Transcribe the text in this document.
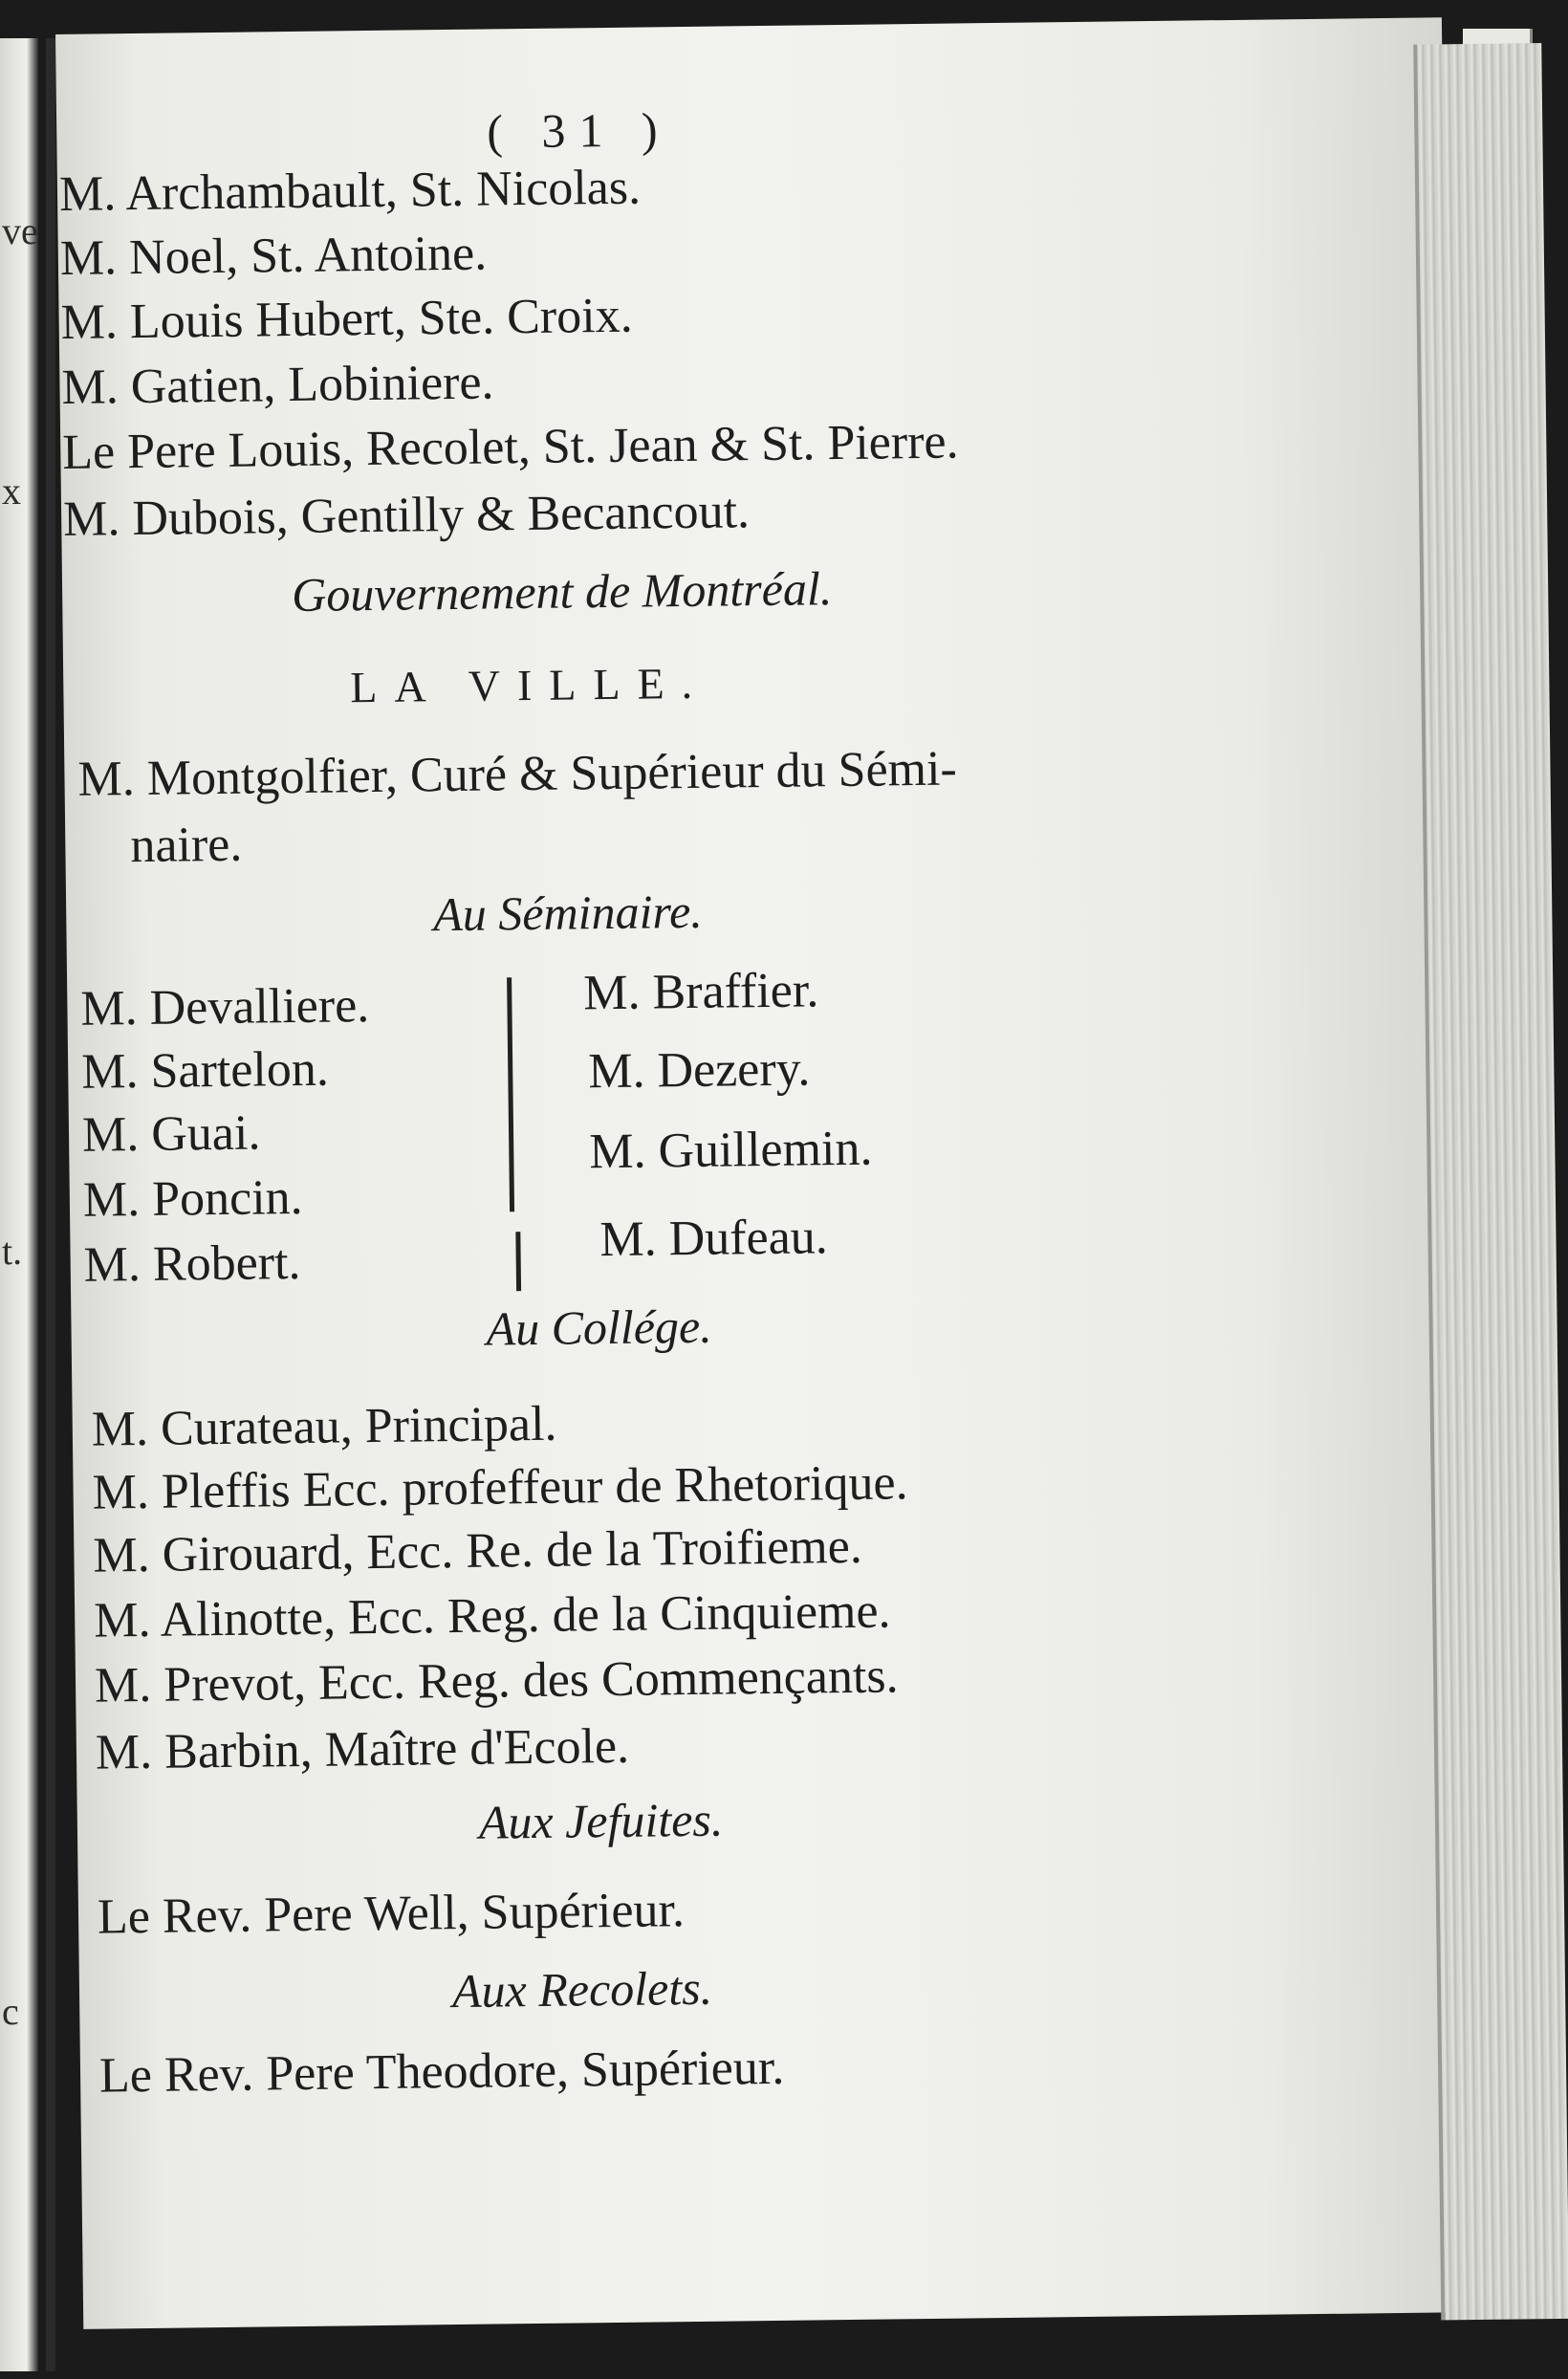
ve
x
t.
c
( 31 )
M. Archambault, St. Nicolas.
M. Noel, St. Antoine.
M. Louis Hubert, Ste. Croix.
M. Gatien, Lobiniere.
Le Pere Louis, Recolet, St. Jean & St. Pierre.
M. Dubois, Gentilly & Becancout.
Gouvernement de Montréal.
LA VILLE.
M. Montgolfier, Curé & Supérieur du Sémi-
naire.
Au Séminaire.
M. Devalliere.
M. Sartelon.
M. Guai.
M. Poncin.
M. Robert.
M. Braffier.
M. Dezery.
M. Guillemin.
M. Dufeau.
Au Collége.
M. Curateau, Principal.
M. Pleffis Ecc. profeffeur de Rhetorique.
M. Girouard, Ecc. Re. de la Troifieme.
M. Alinotte, Ecc. Reg. de la Cinquieme.
M. Prevot, Ecc. Reg. des Commençants.
M. Barbin, Maître d'Ecole.
Aux Jefuites.
Le Rev. Pere Well, Supérieur.
Aux Recolets.
Le Rev. Pere Theodore, Supérieur.
